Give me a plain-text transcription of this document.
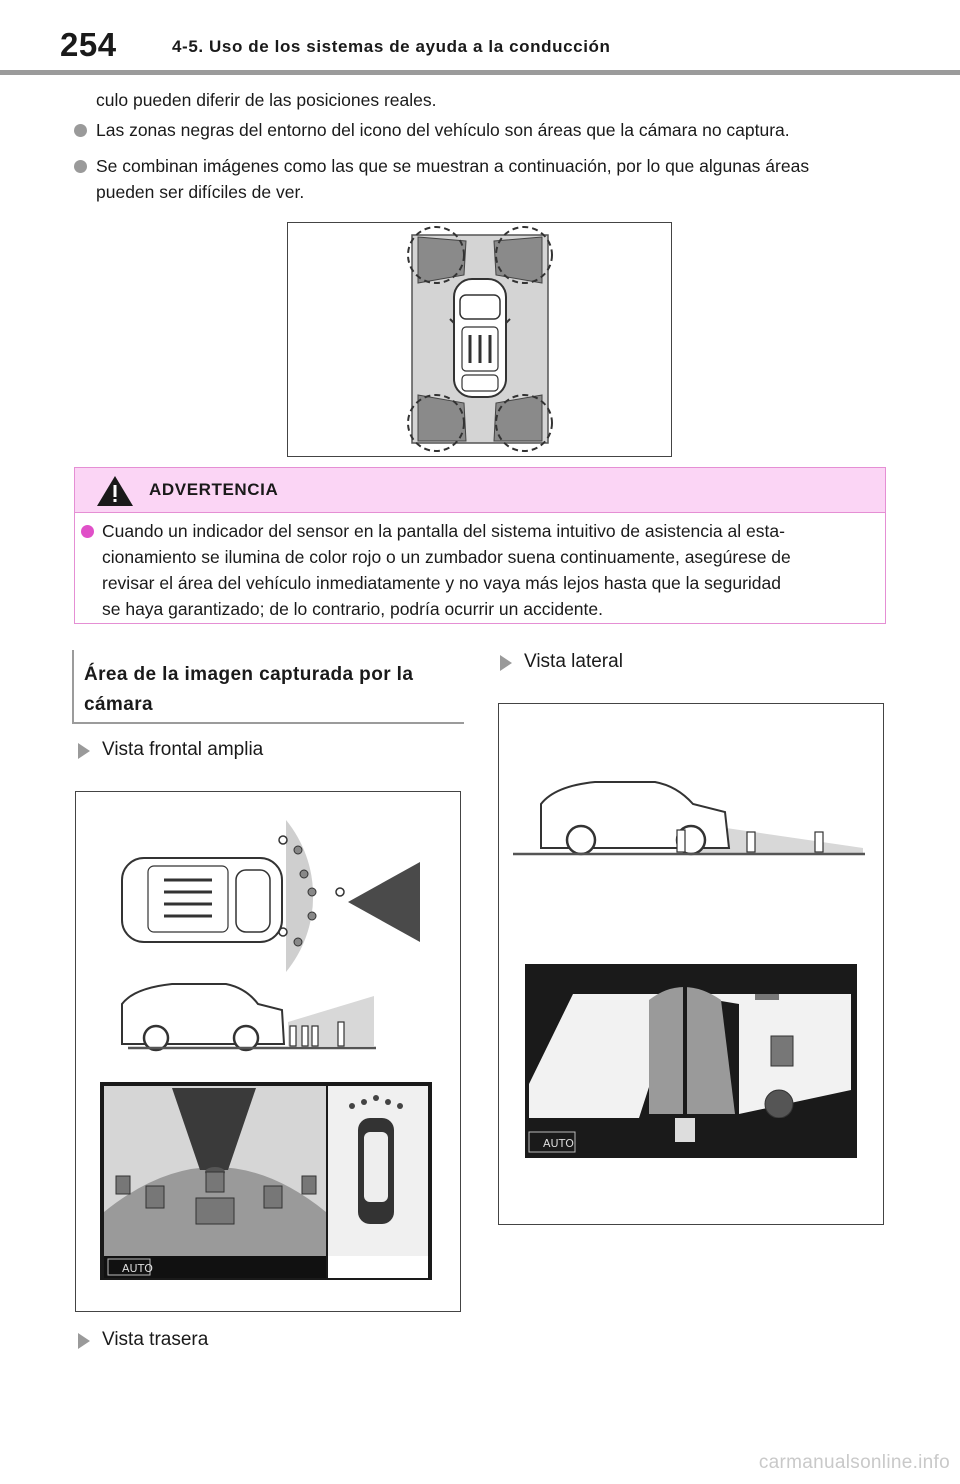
254	4-5. Uso de los sistemas de ayuda a la conducción
culo pueden diferir de las posiciones reales.
Las zonas negras del entorno del icono del vehículo son áreas que la cámara no captura.
Se combinan imágenes como las que se muestran a continuación, por lo que algunas áreas
pueden ser difíciles de ver.
ADVERTENCIA
Cuando un indicador del sensor en la pantalla del sistema intuitivo de asistencia al esta-
cionamiento se ilumina de color rojo o un zumbador suena continuamente, asegúrese de
revisar el área del vehículo inmediatamente y no vaya más lejos hasta que la seguridad
se haya garantizado; de lo contrario, podría ocurrir un accidente.
Área de la imagen capturada por la
cámara
Vista frontal amplia
AUTO
Vista trasera
Vista lateral
AUTO
carmanualsonline.info
